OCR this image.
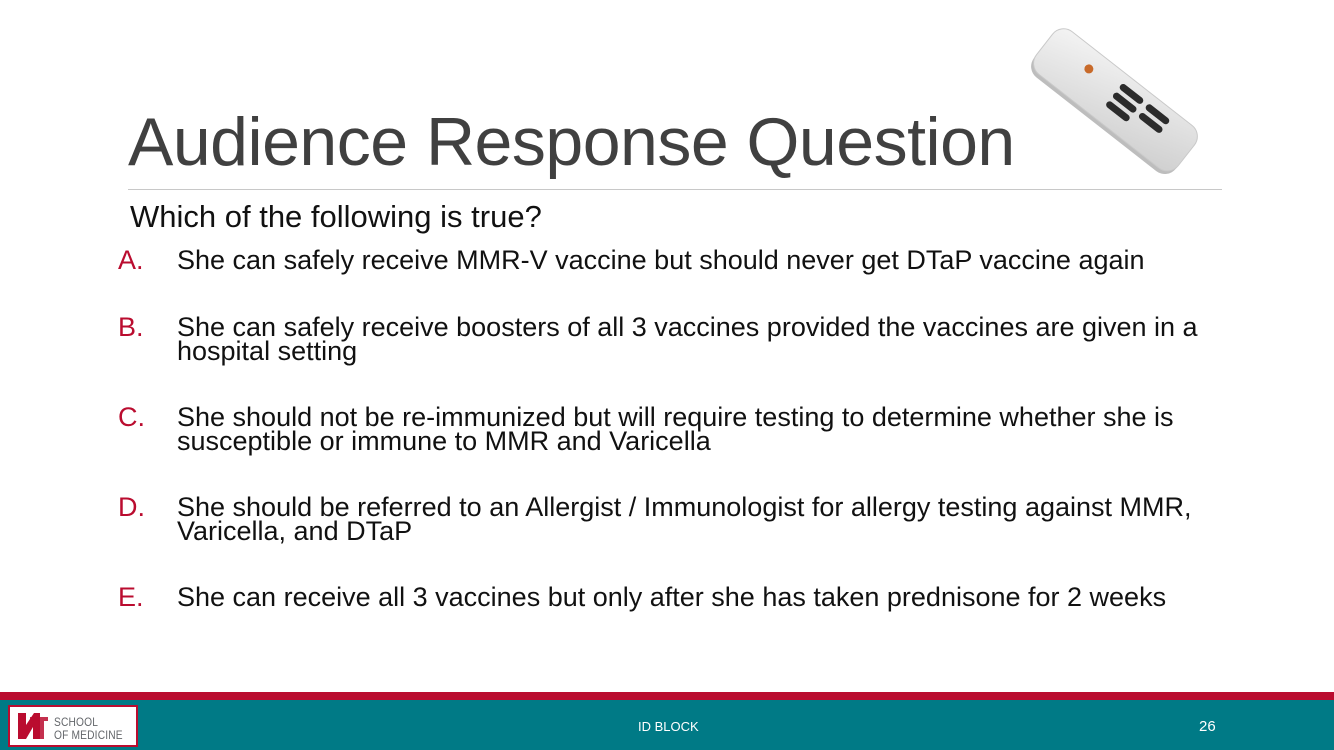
Audience Response Question
Which of the following is true?
A.	She can safely receive MMR-V vaccine but should never get DTaP vaccine again
B.	She can safely receive boosters of all 3 vaccines provided the vaccines are given in a hospital setting
C.	She should not be re-immunized but will require testing to determine whether she is susceptible or immune to MMR and Varicella
D.	She should be referred to an Allergist / Immunologist for allergy testing against MMR, Varicella, and DTaP
E.	She can receive all 3 vaccines but only after she has taken prednisone for 2 weeks
SCHOOL
OF MEDICINE
ID BLOCK	26
